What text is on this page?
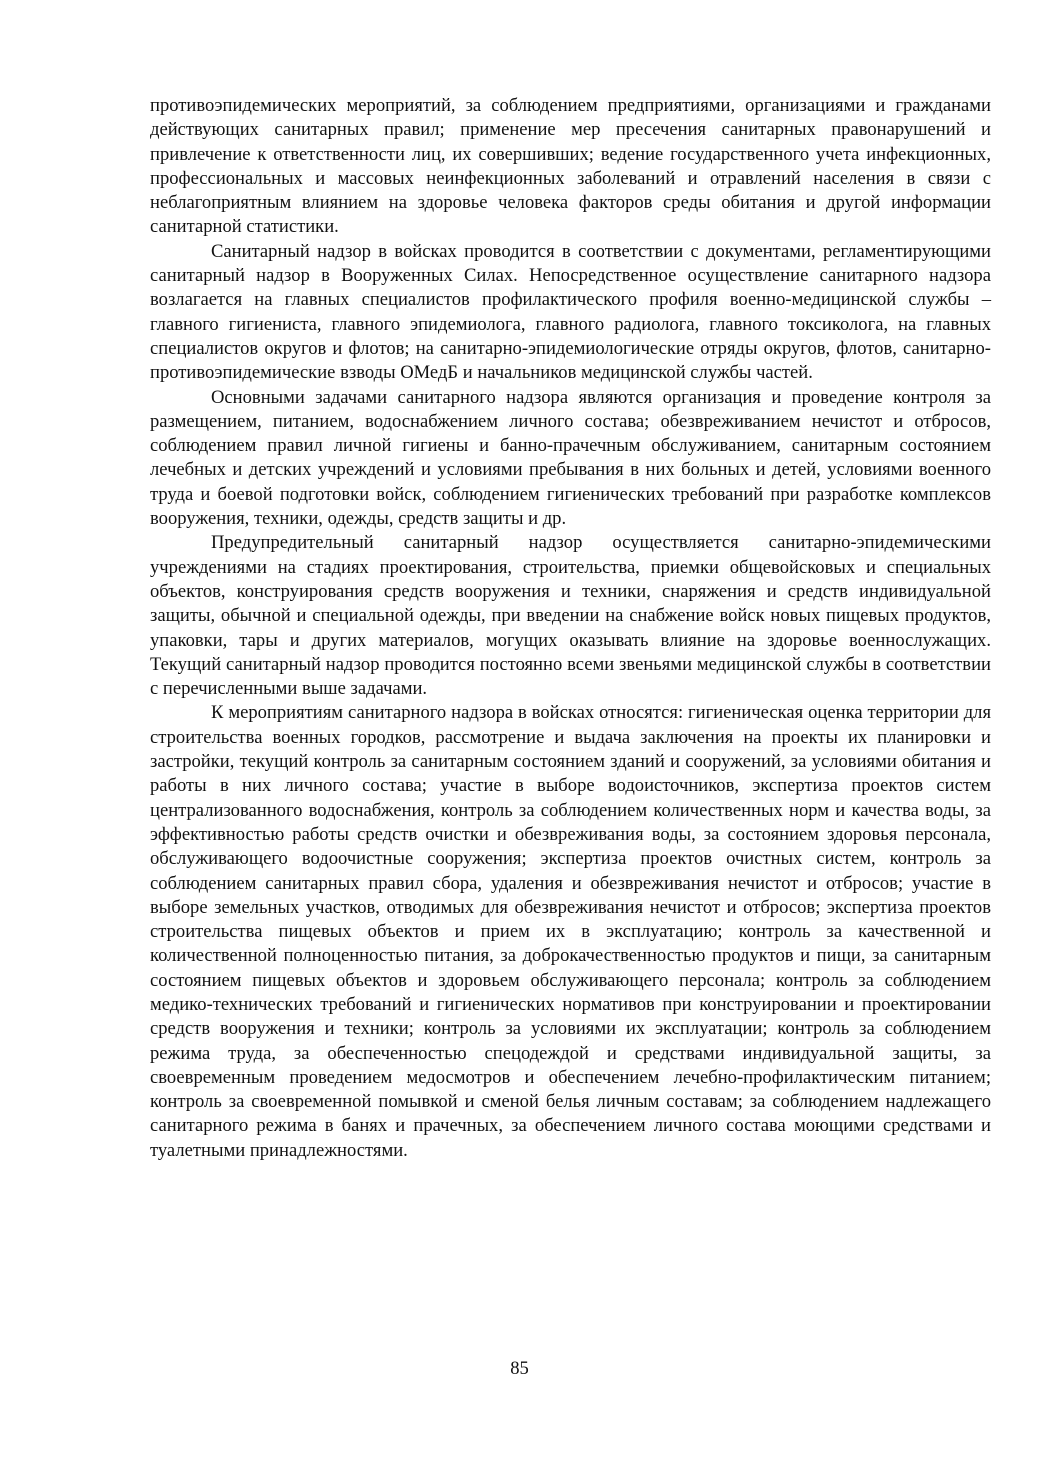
противоэпидемических мероприятий, за соблюдением предприятиями, организациями и гражданами действующих санитарных правил; применение мер пресечения санитарных правонарушений и привлечение к ответственности лиц, их совершивших; ведение государственного учета инфекционных, профессиональных и массовых неинфекционных заболеваний и отравлений населения в связи с неблагоприятным влиянием на здоровье человека факторов среды обитания и другой информации санитарной статистики.

Санитарный надзор в войсках проводится в соответствии с документами, регламентирующими санитарный надзор в Вооруженных Силах. Непосредственное осуществление санитарного надзора возлагается на главных специалистов профилактического профиля военно-медицинской службы – главного гигиениста, главного эпидемиолога, главного радиолога, главного токсиколога, на главных специалистов округов и флотов; на санитарно-эпидемиологические отряды округов, флотов, санитарно-противоэпидемические взводы ОМедБ и начальников медицинской службы частей.

Основными задачами санитарного надзора являются организация и проведение контроля за размещением, питанием, водоснабжением личного состава; обезвреживанием нечистот и отбросов, соблюдением правил личной гигиены и банно-прачечным обслуживанием, санитарным состоянием лечебных и детских учреждений и условиями пребывания в них больных и детей, условиями военного труда и боевой подготовки войск, соблюдением гигиенических требований при разработке комплексов вооружения, техники, одежды, средств защиты и др.

Предупредительный санитарный надзор осуществляется санитарно-эпидемическими учреждениями на стадиях проектирования, строительства, приемки общевойсковых и специальных объектов, конструирования средств вооружения и техники, снаряжения и средств индивидуальной защиты, обычной и специальной одежды, при введении на снабжение войск новых пищевых продуктов, упаковки, тары и других материалов, могущих оказывать влияние на здоровье военнослужащих. Текущий санитарный надзор проводится постоянно всеми звеньями медицинской службы в соответствии с перечисленными выше задачами.

К мероприятиям санитарного надзора в войсках относятся: гигиеническая оценка территории для строительства военных городков, рассмотрение и выдача заключения на проекты их планировки и застройки, текущий контроль за санитарным состоянием зданий и сооружений, за условиями обитания и работы в них личного состава; участие в выборе водоисточников, экспертиза проектов систем централизованного водоснабжения, контроль за соблюдением количественных норм и качества воды, за эффективностью работы средств очистки и обезвреживания воды, за состоянием здоровья персонала, обслуживающего водоочистные сооружения; экспертиза проектов очистных систем, контроль за соблюдением санитарных правил сбора, удаления и обезвреживания нечистот и отбросов; участие в выборе земельных участков, отводимых для обезвреживания нечистот и отбросов; экспертиза проектов строительства пищевых объектов и прием их в эксплуатацию; контроль за качественной и количественной полноценностью питания, за доброкачественностью продуктов и пищи, за санитарным состоянием пищевых объектов и здоровьем обслуживающего персонала; контроль за соблюдением медико-технических требований и гигиенических нормативов при конструировании и проектировании средств вооружения и техники; контроль за условиями их эксплуатации; контроль за соблюдением режима труда, за обеспеченностью спецодеждой и средствами индивидуальной защиты, за своевременным проведением медосмотров и обеспечением лечебно-профилактическим питанием; контроль за своевременной помывкой и сменой белья личным составам; за соблюдением надлежащего санитарного режима в банях и прачечных, за обеспечением личного состава моющими средствами и туалетными принадлежностями.

85
